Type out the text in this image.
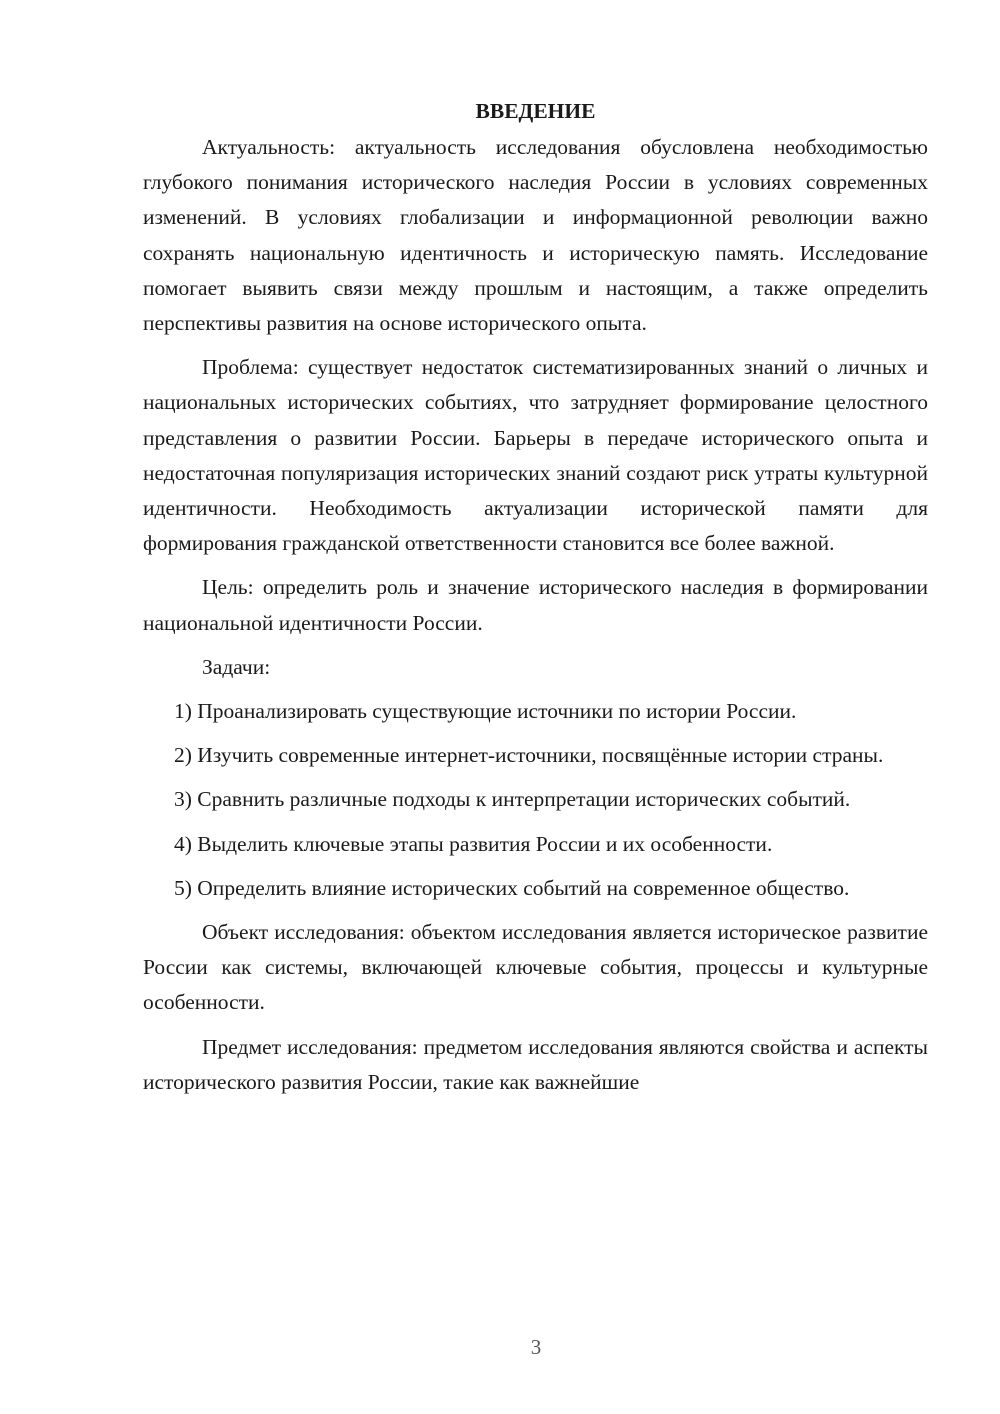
ВВЕДЕНИЕ

Актуальность: актуальность исследования обусловлена необходимостью глубокого понимания исторического наследия России в условиях современных изменений. В условиях глобализации и информационной революции важно сохранять национальную идентичность и историческую память. Исследование помогает выявить связи между прошлым и настоящим, а также определить перспективы развития на основе исторического опыта.

Проблема: существует недостаток систематизированных знаний о личных и национальных исторических событиях, что затрудняет формирование целостного представления о развитии России. Барьеры в передаче исторического опыта и недостаточная популяризация исторических знаний создают риск утраты культурной идентичности. Необходимость актуализации исторической памяти для формирования гражданской ответственности становится все более важной.

Цель: определить роль и значение исторического наследия в формировании национальной идентичности России.

Задачи:

1) Проанализировать существующие источники по истории России.

2) Изучить современные интернет-источники, посвящённые истории страны.

3) Сравнить различные подходы к интерпретации исторических событий.

4) Выделить ключевые этапы развития России и их особенности.

5) Определить влияние исторических событий на современное общество.

Объект исследования: объектом исследования является историческое развитие России как системы, включающей ключевые события, процессы и культурные особенности.

Предмет исследования: предметом исследования являются свойства и аспекты исторического развития России, такие как важнейшие

3
